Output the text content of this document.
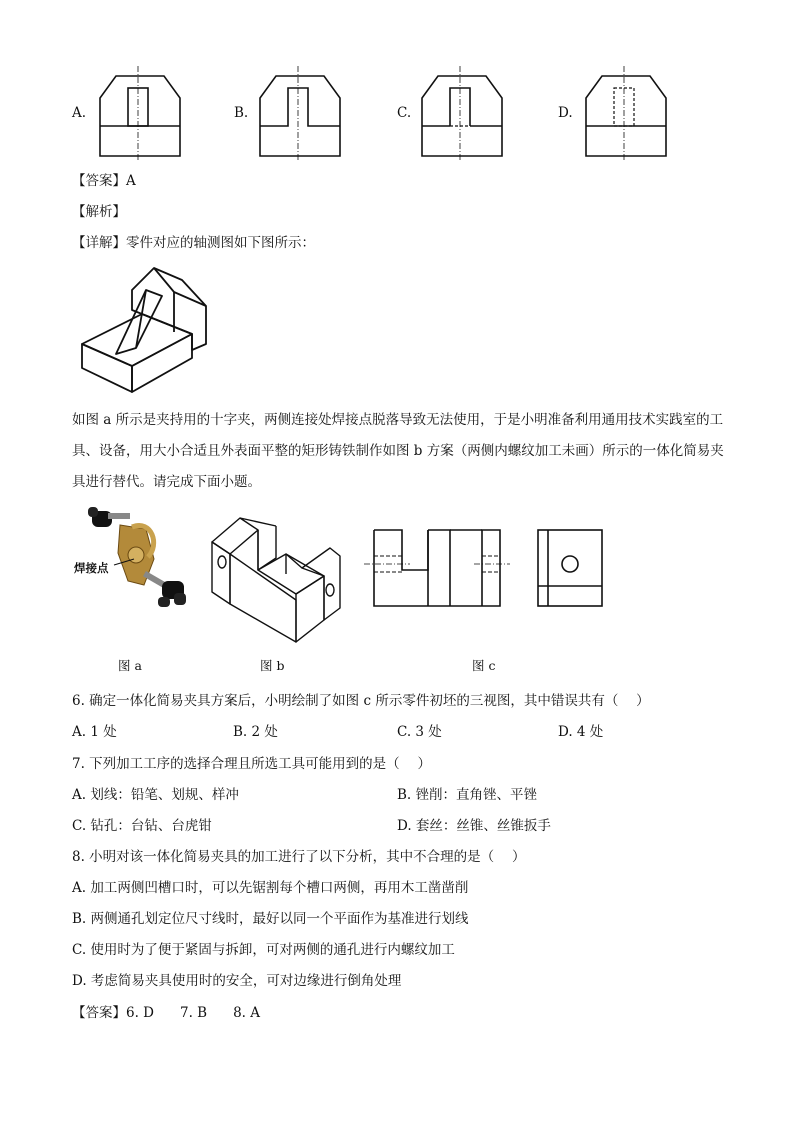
A.	B.	C.	D.
【答案】A
【解析】
【详解】零件对应的轴测图如下图所示：
如图 a 所示是夹持用的十字夹，两侧连接处焊接点脱落导致无法使用，于是小明准备利用通用技术实践室的工具、设备，用大小合适且外表面平整的矩形铸铁制作如图 b 方案（两侧内螺纹加工未画）所示的一体化简易夹具进行替代。请完成下面小题。
焊接点
图 a	图 b	图 c
6. 确定一体化简易夹具方案后，小明绘制了如图 c 所示零件初坯的三视图，其中错误共有（　 ）
A. 1 处	B. 2 处	C. 3 处	D. 4 处
7. 下列加工工序的选择合理且所选工具可能用到的是（　 ）
A. 划线：铅笔、划规、样冲	B. 锉削：直角锉、平锉
C. 钻孔：台钻、台虎钳	D. 套丝：丝锥、丝锥扳手
8. 小明对该一体化简易夹具的加工进行了以下分析，其中不合理的是（　 ）
A. 加工两侧凹槽口时，可以先锯割每个槽口两侧，再用木工凿凿削
B. 两侧通孔划定位尺寸线时，最好以同一个平面作为基准进行划线
C. 使用时为了便于紧固与拆卸，可对两侧的通孔进行内螺纹加工
D. 考虑简易夹具使用时的安全，可对边缘进行倒角处理
【答案】6. D 7. B 8. A
